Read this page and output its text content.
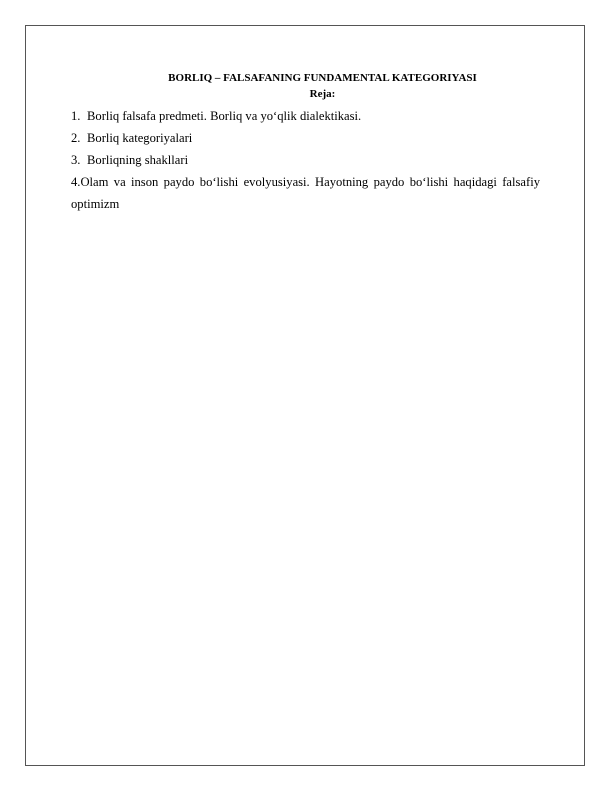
BORLIQ – FALSAFANING FUNDAMENTAL KATEGORIYASI

Reja:

1. Borliq falsafa predmeti. Borliq va yoʻqlik dialektikasi.
2. Borliq kategoriyalari
3. Borliqning shakllari
4.Olam va inson paydo boʻlishi evolyusiyasi. Hayotning paydo boʻlishi haqidagi falsafiy optimizm
